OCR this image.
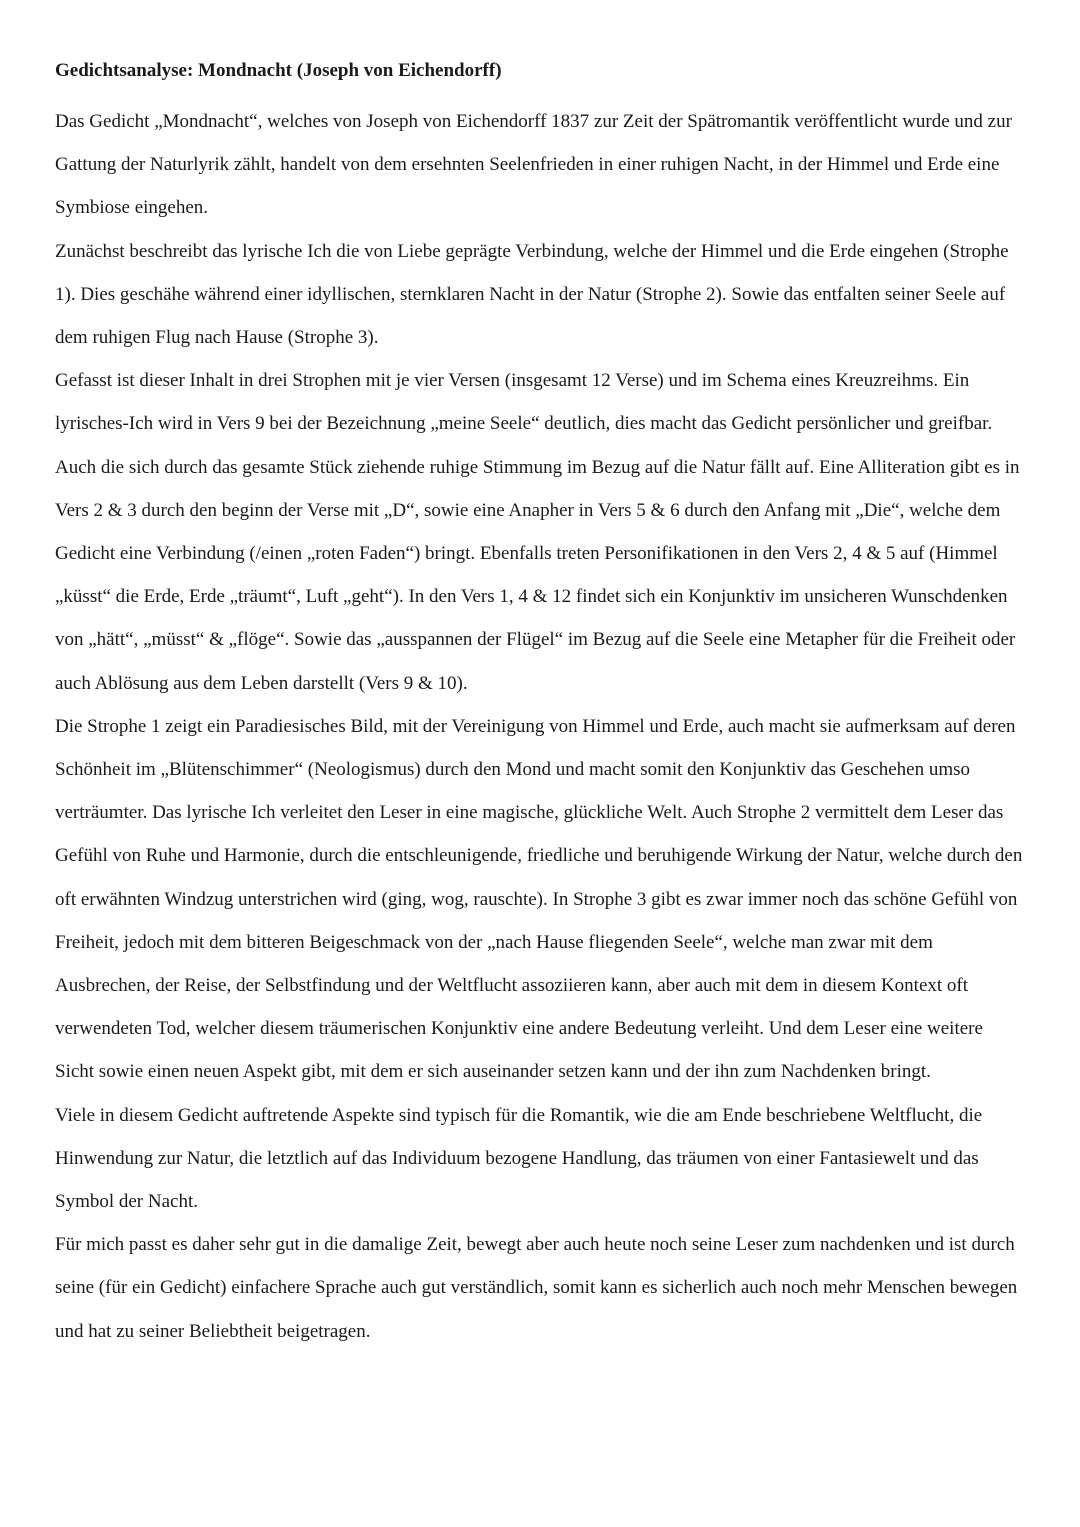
Gedichtsanalyse: Mondnacht (Joseph von Eichendorff)

Das Gedicht „Mondnacht“, welches von Joseph von Eichendorff 1837 zur Zeit der Spätromantik veröffentlicht wurde und zur Gattung der Naturlyrik zählt, handelt von dem ersehnten Seelenfrieden in einer ruhigen Nacht, in der Himmel und Erde eine Symbiose eingehen.

Zunächst beschreibt das lyrische Ich die von Liebe geprägte Verbindung, welche der Himmel und die Erde eingehen (Strophe 1). Dies geschähe während einer idyllischen, sternklaren Nacht in der Natur (Strophe 2). Sowie das entfalten seiner Seele auf dem ruhigen Flug nach Hause (Strophe 3).

Gefasst ist dieser Inhalt in drei Strophen mit je vier Versen (insgesamt 12 Verse) und im Schema eines Kreuzreihms. Ein lyrisches-Ich wird in Vers 9 bei der Bezeichnung „meine Seele“ deutlich, dies macht das Gedicht persönlicher und greifbar. Auch die sich durch das gesamte Stück ziehende ruhige Stimmung im Bezug auf die Natur fällt auf. Eine Alliteration gibt es in Vers 2 & 3 durch den beginn der Verse mit „D“, sowie eine Anapher in Vers 5 & 6 durch den Anfang mit „Die“, welche dem Gedicht eine Verbindung (/einen „roten Faden“) bringt. Ebenfalls treten Personifikationen in den Vers 2, 4 & 5 auf (Himmel „küsst“ die Erde, Erde „träumt“, Luft „geht“). In den Vers 1, 4 & 12 findet sich ein Konjunktiv im unsicheren Wunschdenken von „hätt“, „müsst“ & „flöge“. Sowie das „ausspannen der Flügel“ im Bezug auf die Seele eine Metapher für die Freiheit oder auch Ablösung aus dem Leben darstellt (Vers 9 & 10).

Die Strophe 1 zeigt ein Paradiesisches Bild, mit der Vereinigung von Himmel und Erde, auch macht sie aufmerksam auf deren Schönheit im „Blütenschimmer“ (Neologismus) durch den Mond und macht somit den Konjunktiv das Geschehen umso verträumter. Das lyrische Ich verleitet den Leser in eine magische, glückliche Welt. Auch Strophe 2 vermittelt dem Leser das Gefühl von Ruhe und Harmonie, durch die entschleunigende, friedliche und beruhigende Wirkung der Natur, welche durch den oft erwähnten Windzug unterstrichen wird (ging, wog, rauschte). In Strophe 3 gibt es zwar immer noch das schöne Gefühl von Freiheit, jedoch mit dem bitteren Beigeschmack von der „nach Hause fliegenden Seele“, welche man zwar mit dem Ausbrechen, der Reise, der Selbstfindung und der Weltflucht assoziieren kann, aber auch mit dem in diesem Kontext oft verwendeten Tod, welcher diesem träumerischen Konjunktiv eine andere Bedeutung verleiht. Und dem Leser eine weitere Sicht sowie einen neuen Aspekt gibt, mit dem er sich auseinander setzen kann und der ihn zum Nachdenken bringt.

Viele in diesem Gedicht auftretende Aspekte sind typisch für die Romantik, wie die am Ende beschriebene Weltflucht, die Hinwendung zur Natur, die letztlich auf das Individuum bezogene Handlung, das träumen von einer Fantasiewelt und das Symbol der Nacht.

Für mich passt es daher sehr gut in die damalige Zeit, bewegt aber auch heute noch seine Leser zum nachdenken und ist durch seine (für ein Gedicht) einfachere Sprache auch gut verständlich, somit kann es sicherlich auch noch mehr Menschen bewegen und hat zu seiner Beliebtheit beigetragen.
